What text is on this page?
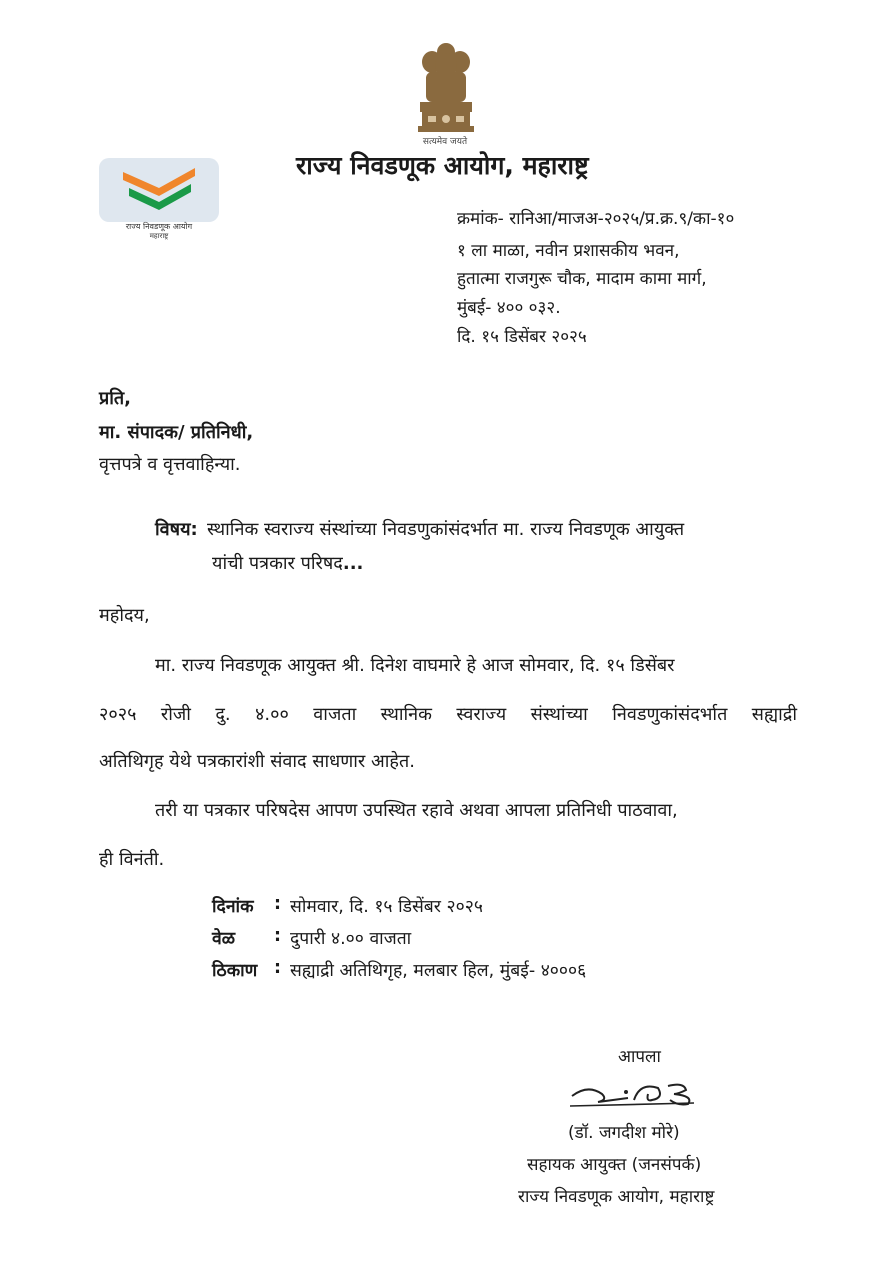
सत्यमेव जयते
राज्य निवडणूक आयोग
महाराष्ट्र
राज्य निवडणूक आयोग, महाराष्ट्र
क्रमांक- रानिआ/माजअ-२०२५/प्र.क्र.९/का-१०
१ ला माळा, नवीन प्रशासकीय भवन,
हुतात्मा राजगुरू चौक, मादाम कामा मार्ग,
मुंबई- ४०० ०३२.
दि. १५ डिसेंबर २०२५
प्रति,
मा. संपादक/ प्रतिनिधी,
वृत्तपत्रे व वृत्तवाहिन्या.
विषय: स्थानिक स्वराज्य संस्थांच्या निवडणुकांसंदर्भात मा. राज्य निवडणूक आयुक्त
यांची पत्रकार परिषद...
महोदय,
मा. राज्य निवडणूक आयुक्त श्री. दिनेश वाघमारे हे आज सोमवार, दि. १५ डिसेंबर
२०२५ रोजी दु. ४.०० वाजता स्थानिक स्वराज्य संस्थांच्या निवडणुकांसंदर्भात सह्याद्री
अतिथिगृह येथे पत्रकारांशी संवाद साधणार आहेत.
तरी या पत्रकार परिषदेस आपण उपस्थित रहावे अथवा आपला प्रतिनिधी पाठवावा,
ही विनंती.
दिनांक	: सोमवार, दि. १५ डिसेंबर २०२५
वेळ	: दुपारी ४.०० वाजता
ठिकाण : सह्याद्री अतिथिगृह, मलबार हिल, मुंबई- ४०००६
आपला
(डॉ. जगदीश मोरे)
सहायक आयुक्त (जनसंपर्क)
राज्य निवडणूक आयोग, महाराष्ट्र
